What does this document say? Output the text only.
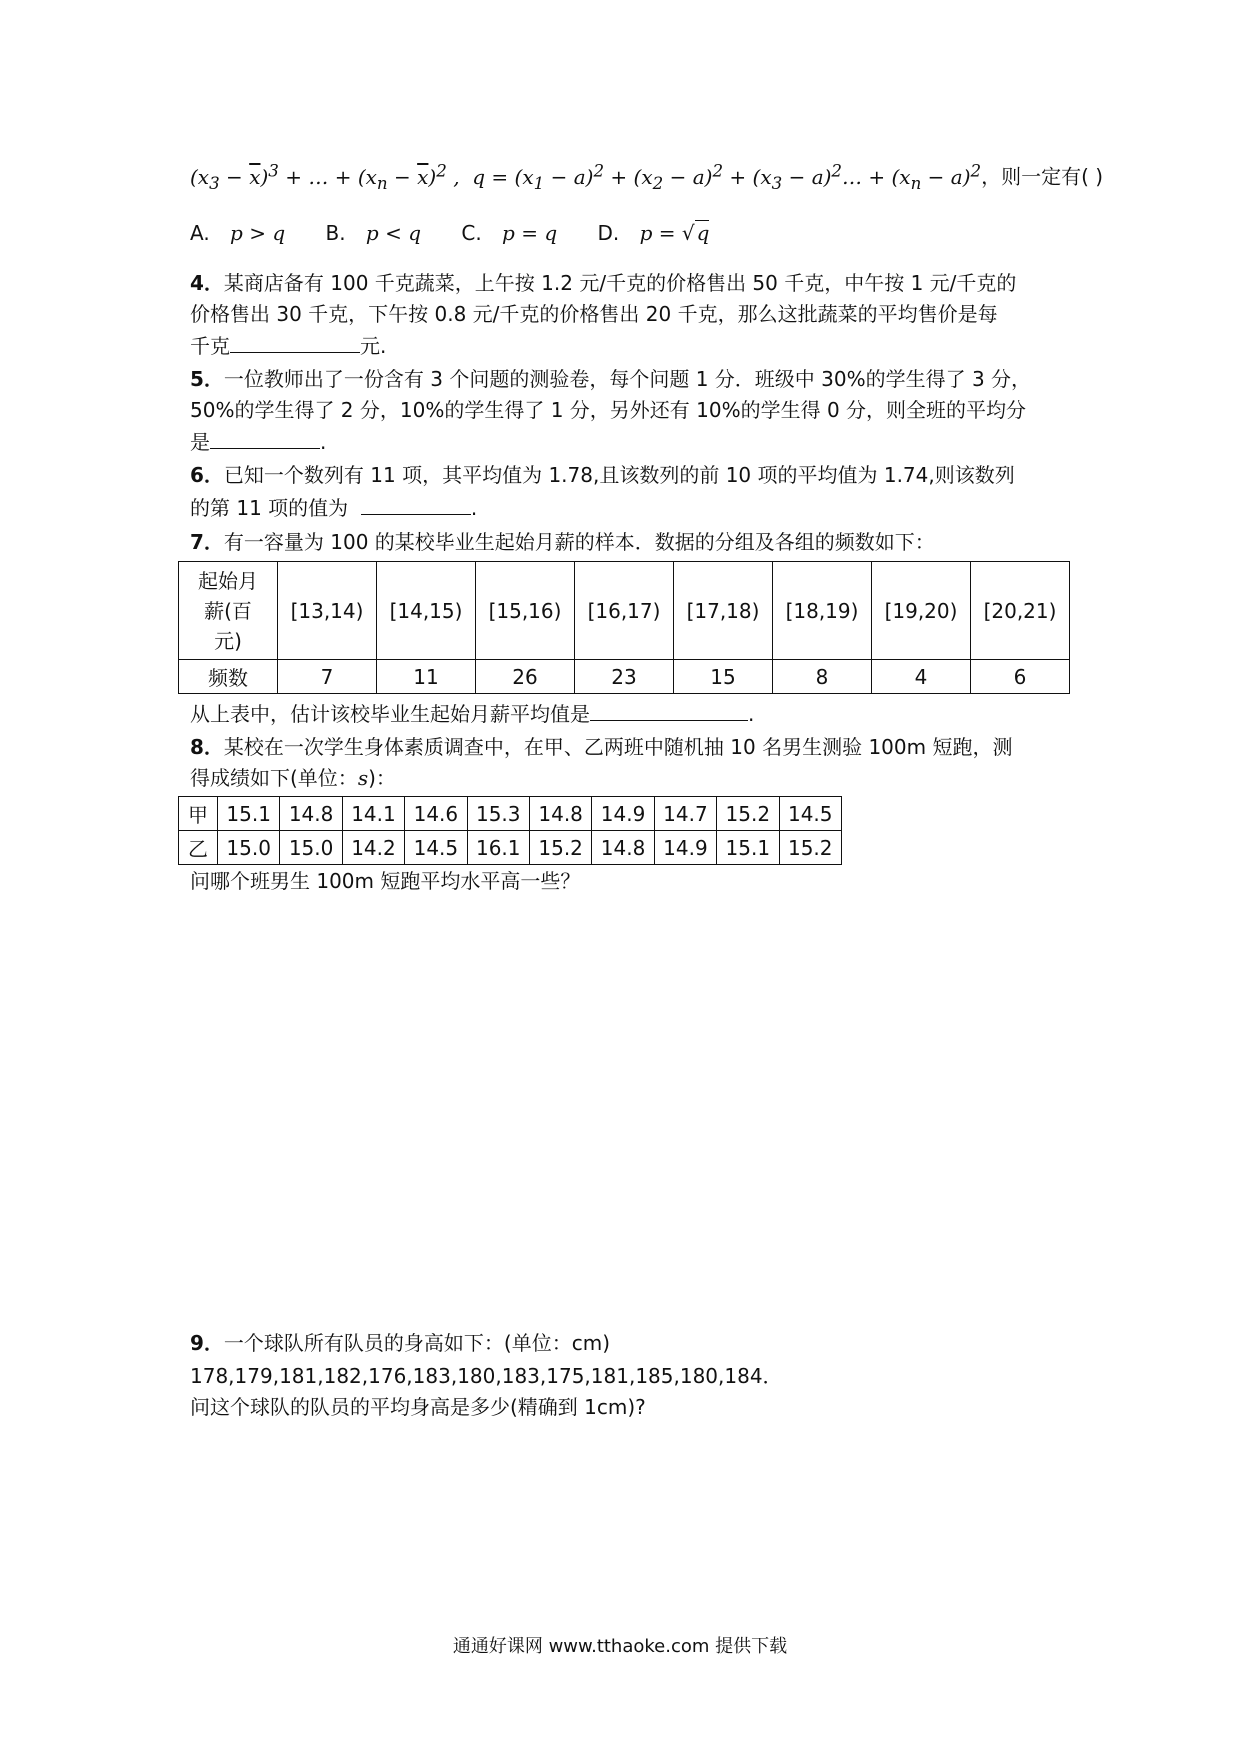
$(x_3 - \overline{x})^3$ + … + $(x_n - \overline{x})^2$ ,  $q = (x_1 - a)^2 + (x_2 - a)^2 + (x_3$ − $a)^2\dots + (x_n - a)^2$，则一定有( )
A. p > q B. p < q C. p = q D. p = √ q
4．某商店备有 100 千克蔬菜，上午按 1.2 元/千克的价格售出 50 千克，中午按 1 元/千克的
价格售出 30 千克，下午按 0.8 元/千克的价格售出 20 千克，那么这批蔬菜的平均售价是每
千克	元.
5．一位教师出了一份含有 3 个问题的测验卷，每个问题 1 分．班级中 30%的学生得了 3 分，
50%的学生得了 2 分，10%的学生得了 1 分，另外还有 10%的学生得 0 分，则全班的平均分
是	.
6．已知一个数列有 11 项，其平均值为 1.78,且该数列的前 10 项的平均值为 1.74,则该数列
的第 11 项的值为	.
7．有一容量为 100 的某校毕业生起始月薪的样本．数据的分组及各组的频数如下：
起始月
薪(百
元)	[13,14)	[14,15)	[15,16)	[16,17)	[17,18)	[18,19)	[19,20)	[20,21)
频数	7	11	26	23	15	8	4	6
从上表中，估计该校毕业生起始月薪平均值是	.
8．某校在一次学生身体素质调查中，在甲、乙两班中随机抽 10 名男生测验 100m 短跑，测
得成绩如下(单位：s)：
甲	15.1	14.8	14.1	14.6	15.3	14.8	14.9	14.7	15.2	14.5
乙	15.0	15.0	14.2	14.5	16.1	15.2	14.8	14.9	15.1	15.2
问哪个班男生 100m 短跑平均水平高一些？
9．一个球队所有队员的身高如下：(单位：cm)
178,179,181,182,176,183,180,183,175,181,185,180,184．
问这个球队的队员的平均身高是多少(精确到 1cm)?
通通好课网 www.tthaoke.com 提供下载
